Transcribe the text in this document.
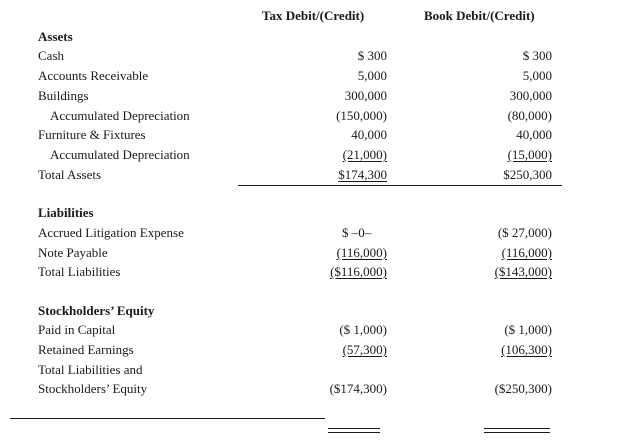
Tax Debit/(Credit)	Book Debit/(Credit)
Assets
Cash	$ 300	$ 300
Accounts Receivable	5,000	5,000
Buildings	300,000	300,000
Accumulated Depreciation	(150,000)	(80,000)
Furniture & Fixtures	40,000	40,000
Accumulated Depreciation	(21,000)	(15,000)
Total Assets	$174,300	$250,300
Liabilities
Accrued Litigation Expense	$ –0–	($ 27,000)
Note Payable	(116,000)	(116,000)
Total Liabilities	($116,000)	($143,000)
Stockholders’ Equity
Paid in Capital	($ 1,000)	($ 1,000)
Retained Earnings	(57,300)	(106,300)
Total Liabilities and
Stockholders’ Equity	($174,300)	($250,300)
